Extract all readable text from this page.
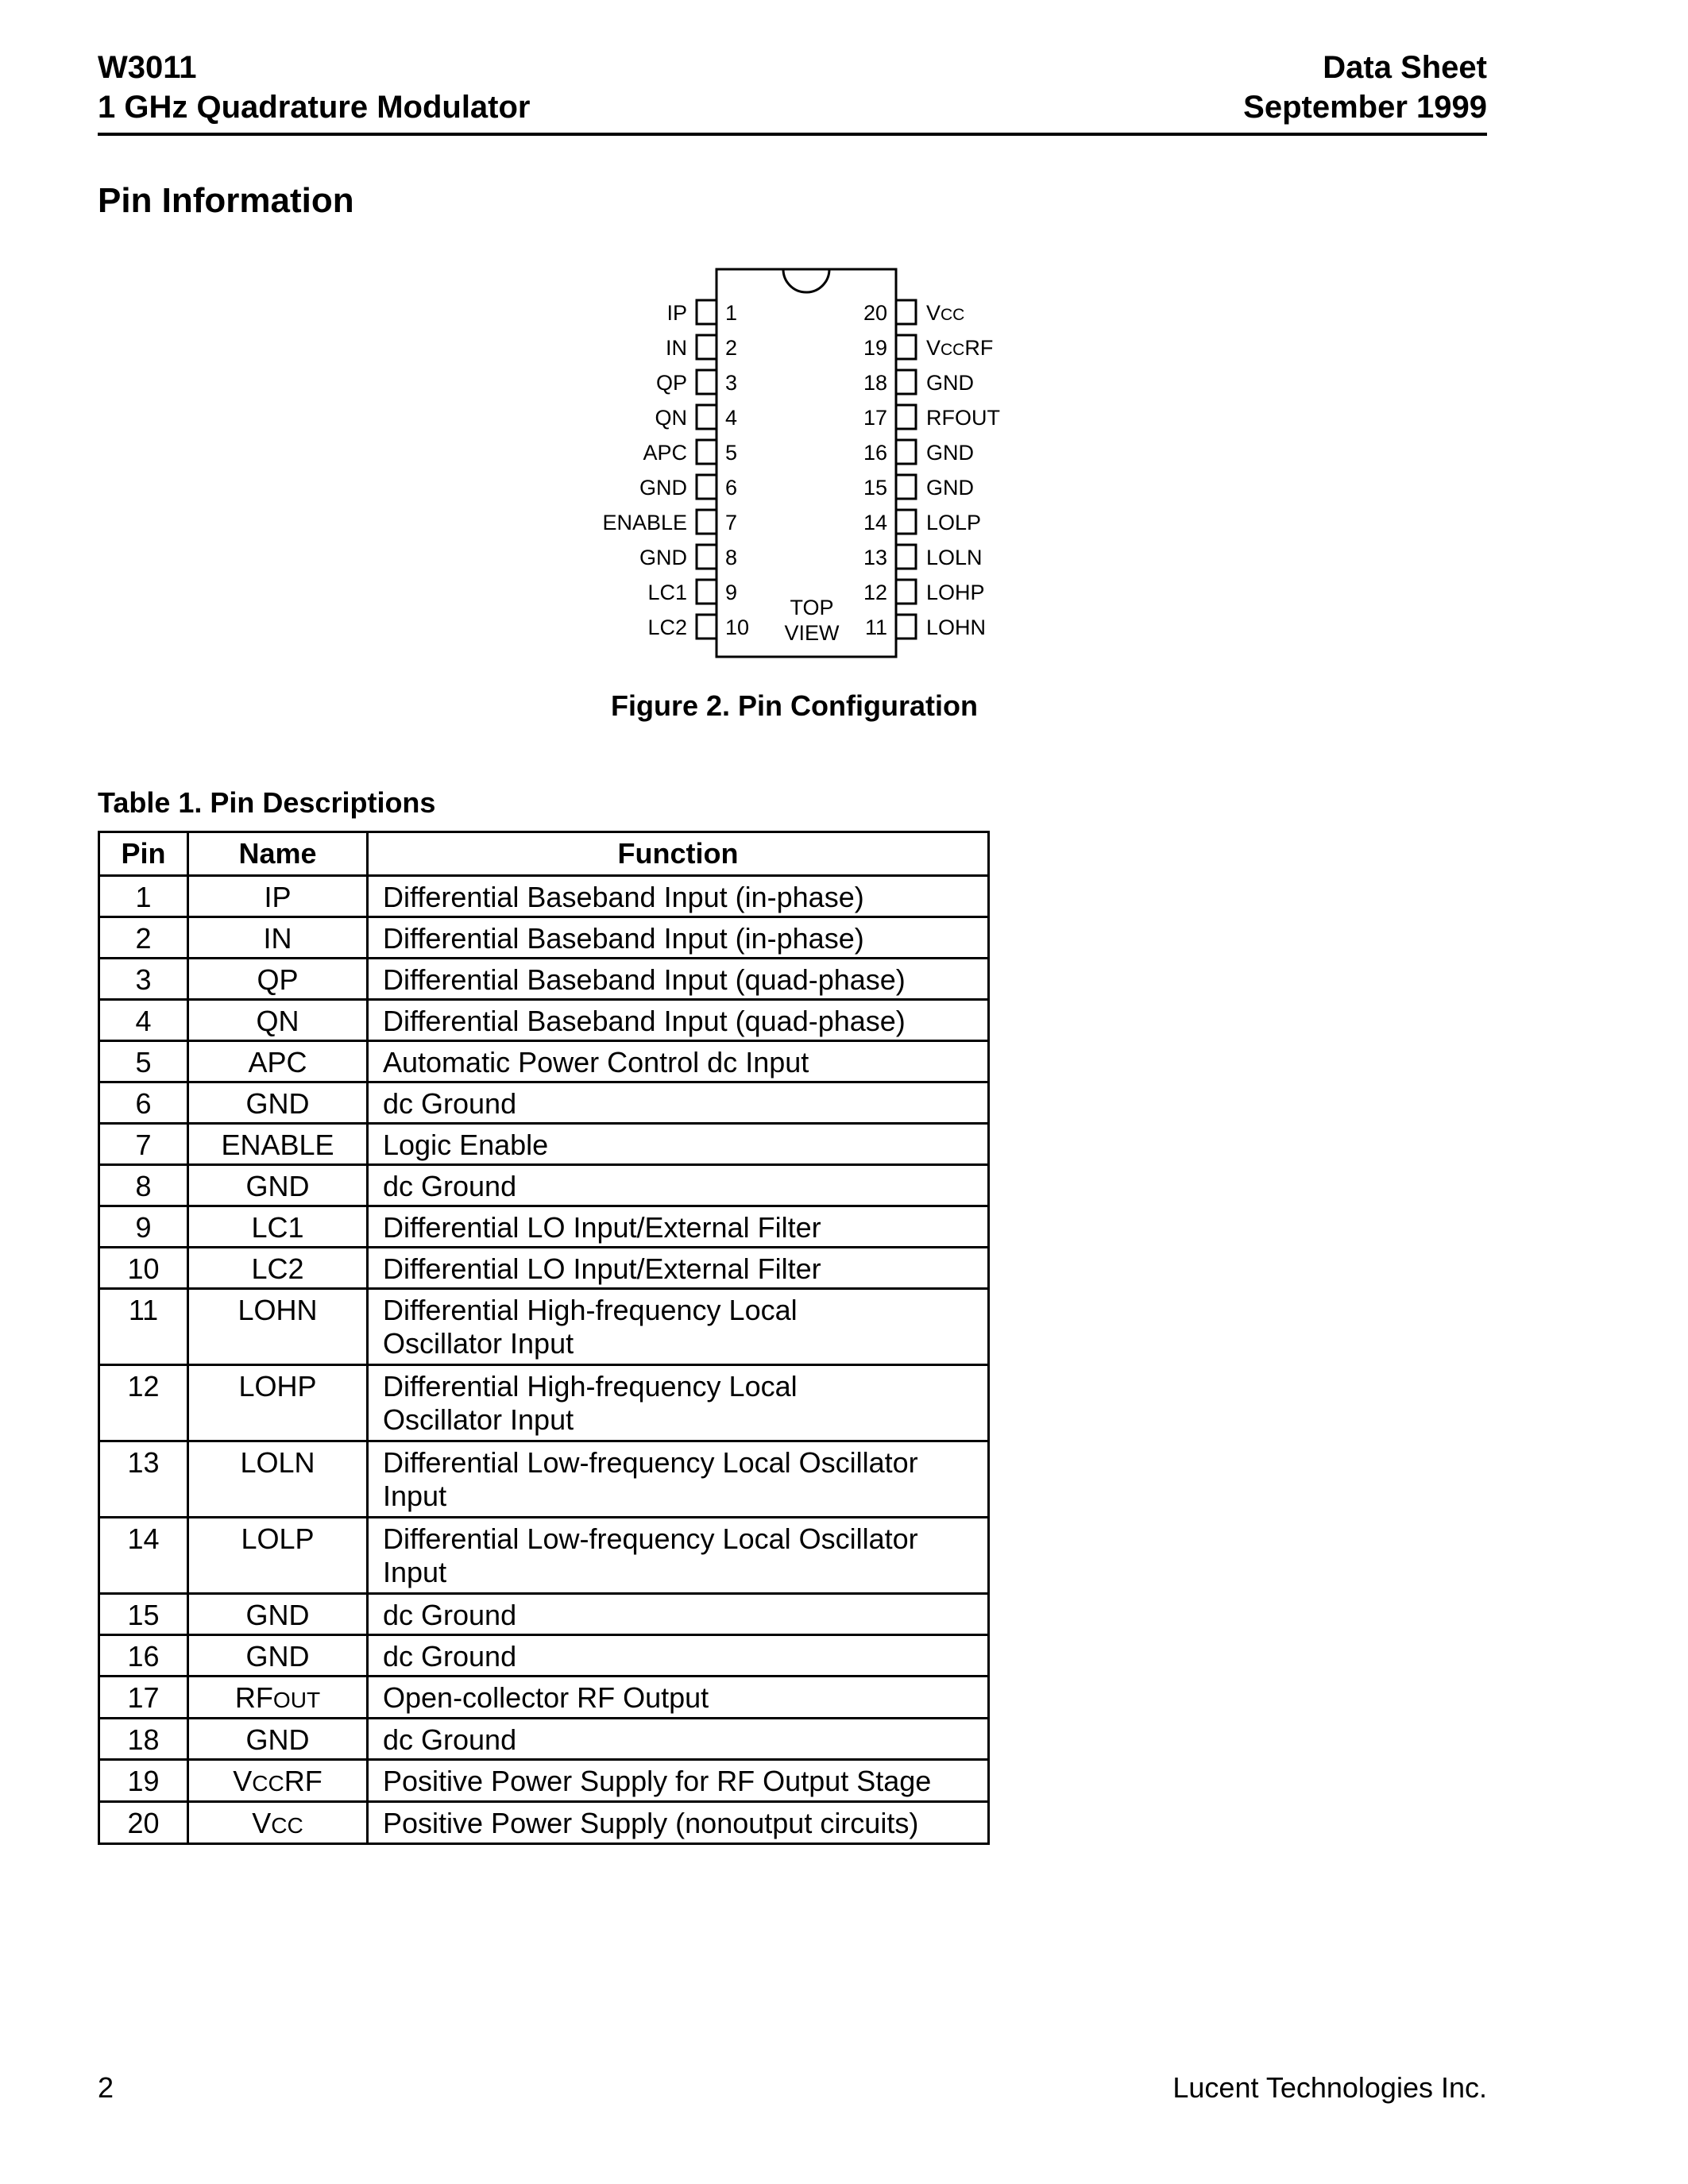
W3011
1 GHz Quadrature Modulator
Data Sheet
September 1999
Pin Information
IP 1
IN 2
QP 3
QN 4
APC 5
GND 6
ENABLE 7
GND 8
LC1 9
LC2 10
20 VCC
19 VCCRF
18 GND
17 RFOUT
16 GND
15 GND
14 LOLP
13 LOLN
12 LOHP
11 LOHN
TOP
VIEW
Figure 2. Pin Configuration
Table 1. Pin Descriptions
Pin	Name	Function
1	IP	Differential Baseband Input (in-phase)
2	IN	Differential Baseband Input (in-phase)
3	QP	Differential Baseband Input (quad-phase)
4	QN	Differential Baseband Input (quad-phase)
5	APC	Automatic Power Control dc Input
6	GND	dc Ground
7	ENABLE	Logic Enable
8	GND	dc Ground
9	LC1	Differential LO Input/External Filter
10	LC2	Differential LO Input/External Filter
11	LOHN	Differential High-frequency Local Oscillator Input
12	LOHP	Differential High-frequency Local Oscillator Input
13	LOLN	Differential Low-frequency Local Oscillator Input
14	LOLP	Differential Low-frequency Local Oscillator Input
15	GND	dc Ground
16	GND	dc Ground
17	RFOUT	Open-collector RF Output
18	GND	dc Ground
19	VCCRF	Positive Power Supply for RF Output Stage
20	VCC	Positive Power Supply (nonoutput circuits)
2	Lucent Technologies Inc.
